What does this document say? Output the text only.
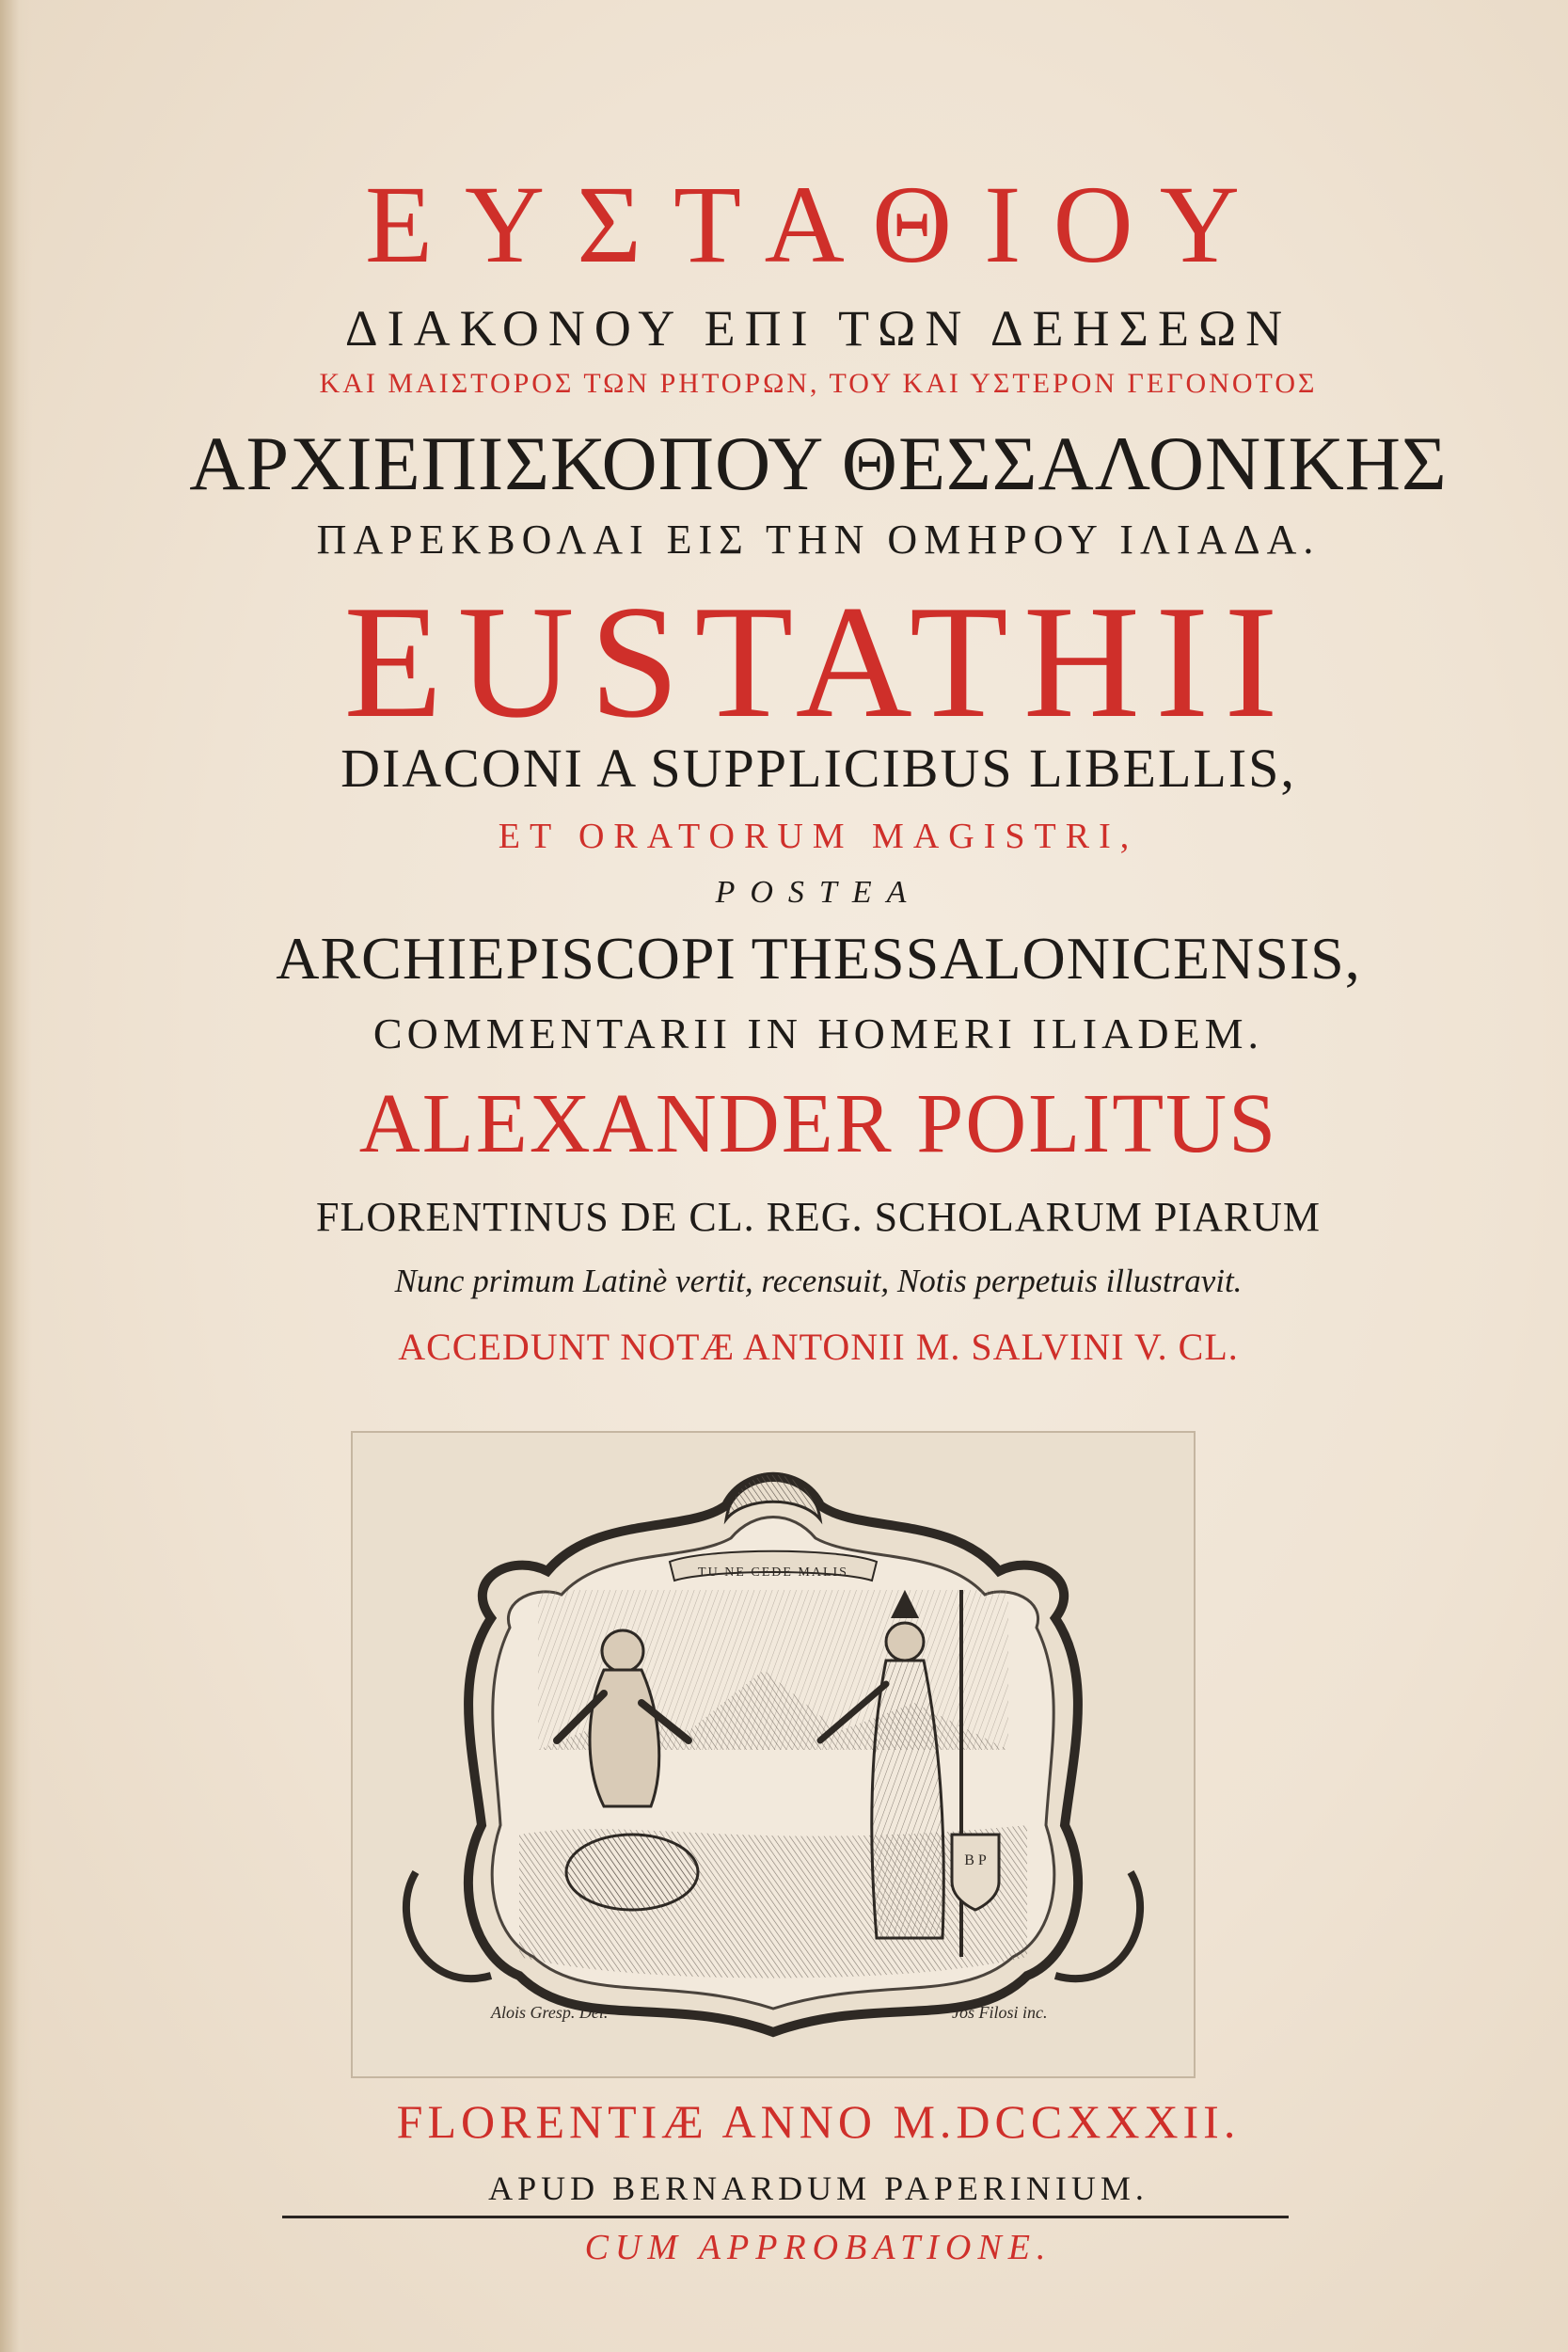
ΕΥΣΤΑΘΙΟΥ
ΔΙΑΚΟΝΟΥ ΕΠΙ ΤΩΝ ΔΕΗΣΕΩΝ
ΚΑΙ ΜΑΙΣΤΟΡΟΣ ΤΩΝ ΡΗΤΟΡΩΝ, ΤΟΥ ΚΑΙ ΥΣΤΕΡΟΝ ΓΕΓΟΝΟΤΟΣ
ΑΡΧΙΕΠΙΣΚΟΠΟΥ ΘΕΣΣΑΛΟΝΙΚΗΣ
ΠΑΡΕΚΒΟΛΑΙ ΕΙΣ ΤΗΝ ΟΜΗΡΟΥ ΙΛΙΑΔΑ.
EUSTATHII
DIACONI A SUPPLICIBUS LIBELLIS,
ET ORATORUM MAGISTRI,
POSTEA
ARCHIEPISCOPI THESSALONICENSIS,
COMMENTARII IN HOMERI ILIADEM.
ALEXANDER POLITUS
FLORENTINUS DE CL. REG. SCHOLARUM PIARUM
Nunc primum Latinè vertit, recensuit, Notis perpetuis illustravit.
ACCEDUNT NOTÆ ANTONII M. SALVINI V. CL.
TU NE CEDE MALIS
B P
Alois Gresp. Del.	Jos Filosi inc.
FLORENTIÆ ANNO M.DCCXXXII.
APUD BERNARDUM PAPERINIUM.
CUM APPROBATIONE.
